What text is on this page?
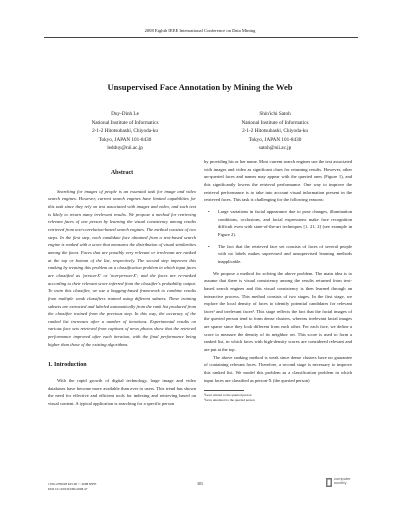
2008 Eighth IEEE International Conference on Data Mining
Unsupervised Face Annotation by Mining the Web
Duy-Dinh Le
National Institute of Informatics
2-1-2 Hitotsubashi, Chiyoda-ku
Tokyo, JAPAN 101-8430
ledduy@nii.ac.jp
Shin'ichi Satoh
National Institute of Informatics
2-1-2 Hitotsubashi, Chiyoda-ku
Tokyo, JAPAN 101-8430
satoh@nii.ac.jp
Abstract

Searching for images of people is an essential task for image and video search engines. However, current search engines have limited capabilities for this task since they rely on text associated with images and video, and such text is likely to return many irrelevant results. We propose a method for retrieving relevant faces of one person by learning the visual consistency among results retrieved from text-correlation-based search engines. The method consists of two steps. In the first step, each candidate face obtained from a text-based search engine is ranked with a score that measures the distribution of visual similarities among the faces. Faces that are possibly very relevant or irrelevant are ranked at the top or bottom of the list, respectively. The second step improves this ranking by treating this problem as a classification problem in which input faces are classified as 'person-X' or 'non-person-X'; and the faces are re-ranked according to their relevant score inferred from the classifier's probability output. To train this classifier, we use a bagging-based framework to combine results from multiple weak classifiers trained using different subsets. These training subsets are extracted and labeled automatically from the rank list produced from the classifier trained from the previous step. In this way, the accuracy of the ranked list increases after a number of iterations. Experimental results on various face sets retrieved from captions of news photos show that the retrieval performance improved after each iteration, with the final performance being higher than those of the existing algorithms.

1. Introduction

With the rapid growth of digital technology, large image and video databases have become more available than ever to users. This trend has shown the need for effective and efficient tools for indexing and retrieving based on visual content. A typical application is searching for a specific person

by providing his or her name. Most current search engines use the text associated with images and video as significant clues for returning results. However, other un-queried faces and names may appear with the queried ones (Figure 1), and this significantly lowers the retrieval performance. One way to improve the retrieval performance is to take into account visual information present in the retrieved faces. This task is challenging for the following reasons:

• Large variations in facial appearance due to pose changes, illumination conditions, occlusions, and facial expressions make face recognition difficult even with state-of-the-art techniques [1, 21, 2] (see example in Figure 2).
• The fact that the retrieved face set consists of faces of several people with no labels makes supervised and unsupervised learning methods inapplicable.

We propose a method for solving the above problem. The main idea is to assume that there is visual consistency among the results returned from text-based search engines and this visual consistency is then learned through an interactive process. This method consists of two stages. In the first stage, we explore the local density of faces to identify potential candidates for relevant faces¹ and irrelevant faces². This stage reflects the fact that the facial images of the queried person tend to form dense clusters, whereas irrelevant facial images are sparse since they look different from each other. For each face, we define a score to measure the density of its neighbor set. This score is used to form a ranked list, in which faces with high-density scores are considered relevant and are put at the top.

The above ranking method is weak since dense clusters have no guarantee of containing relevant faces. Therefore, a second stage is necessary to improve this ranked list. We model this problem as a classification problem in which input faces are classified as person-X (the queried person)

¹faces related to the queried person
²faces unrelated to the queried person
1550-4786/08 $25.00 © 2008 IEEE
DOI 10.1109/ICDM.2008.47
383
computer society
